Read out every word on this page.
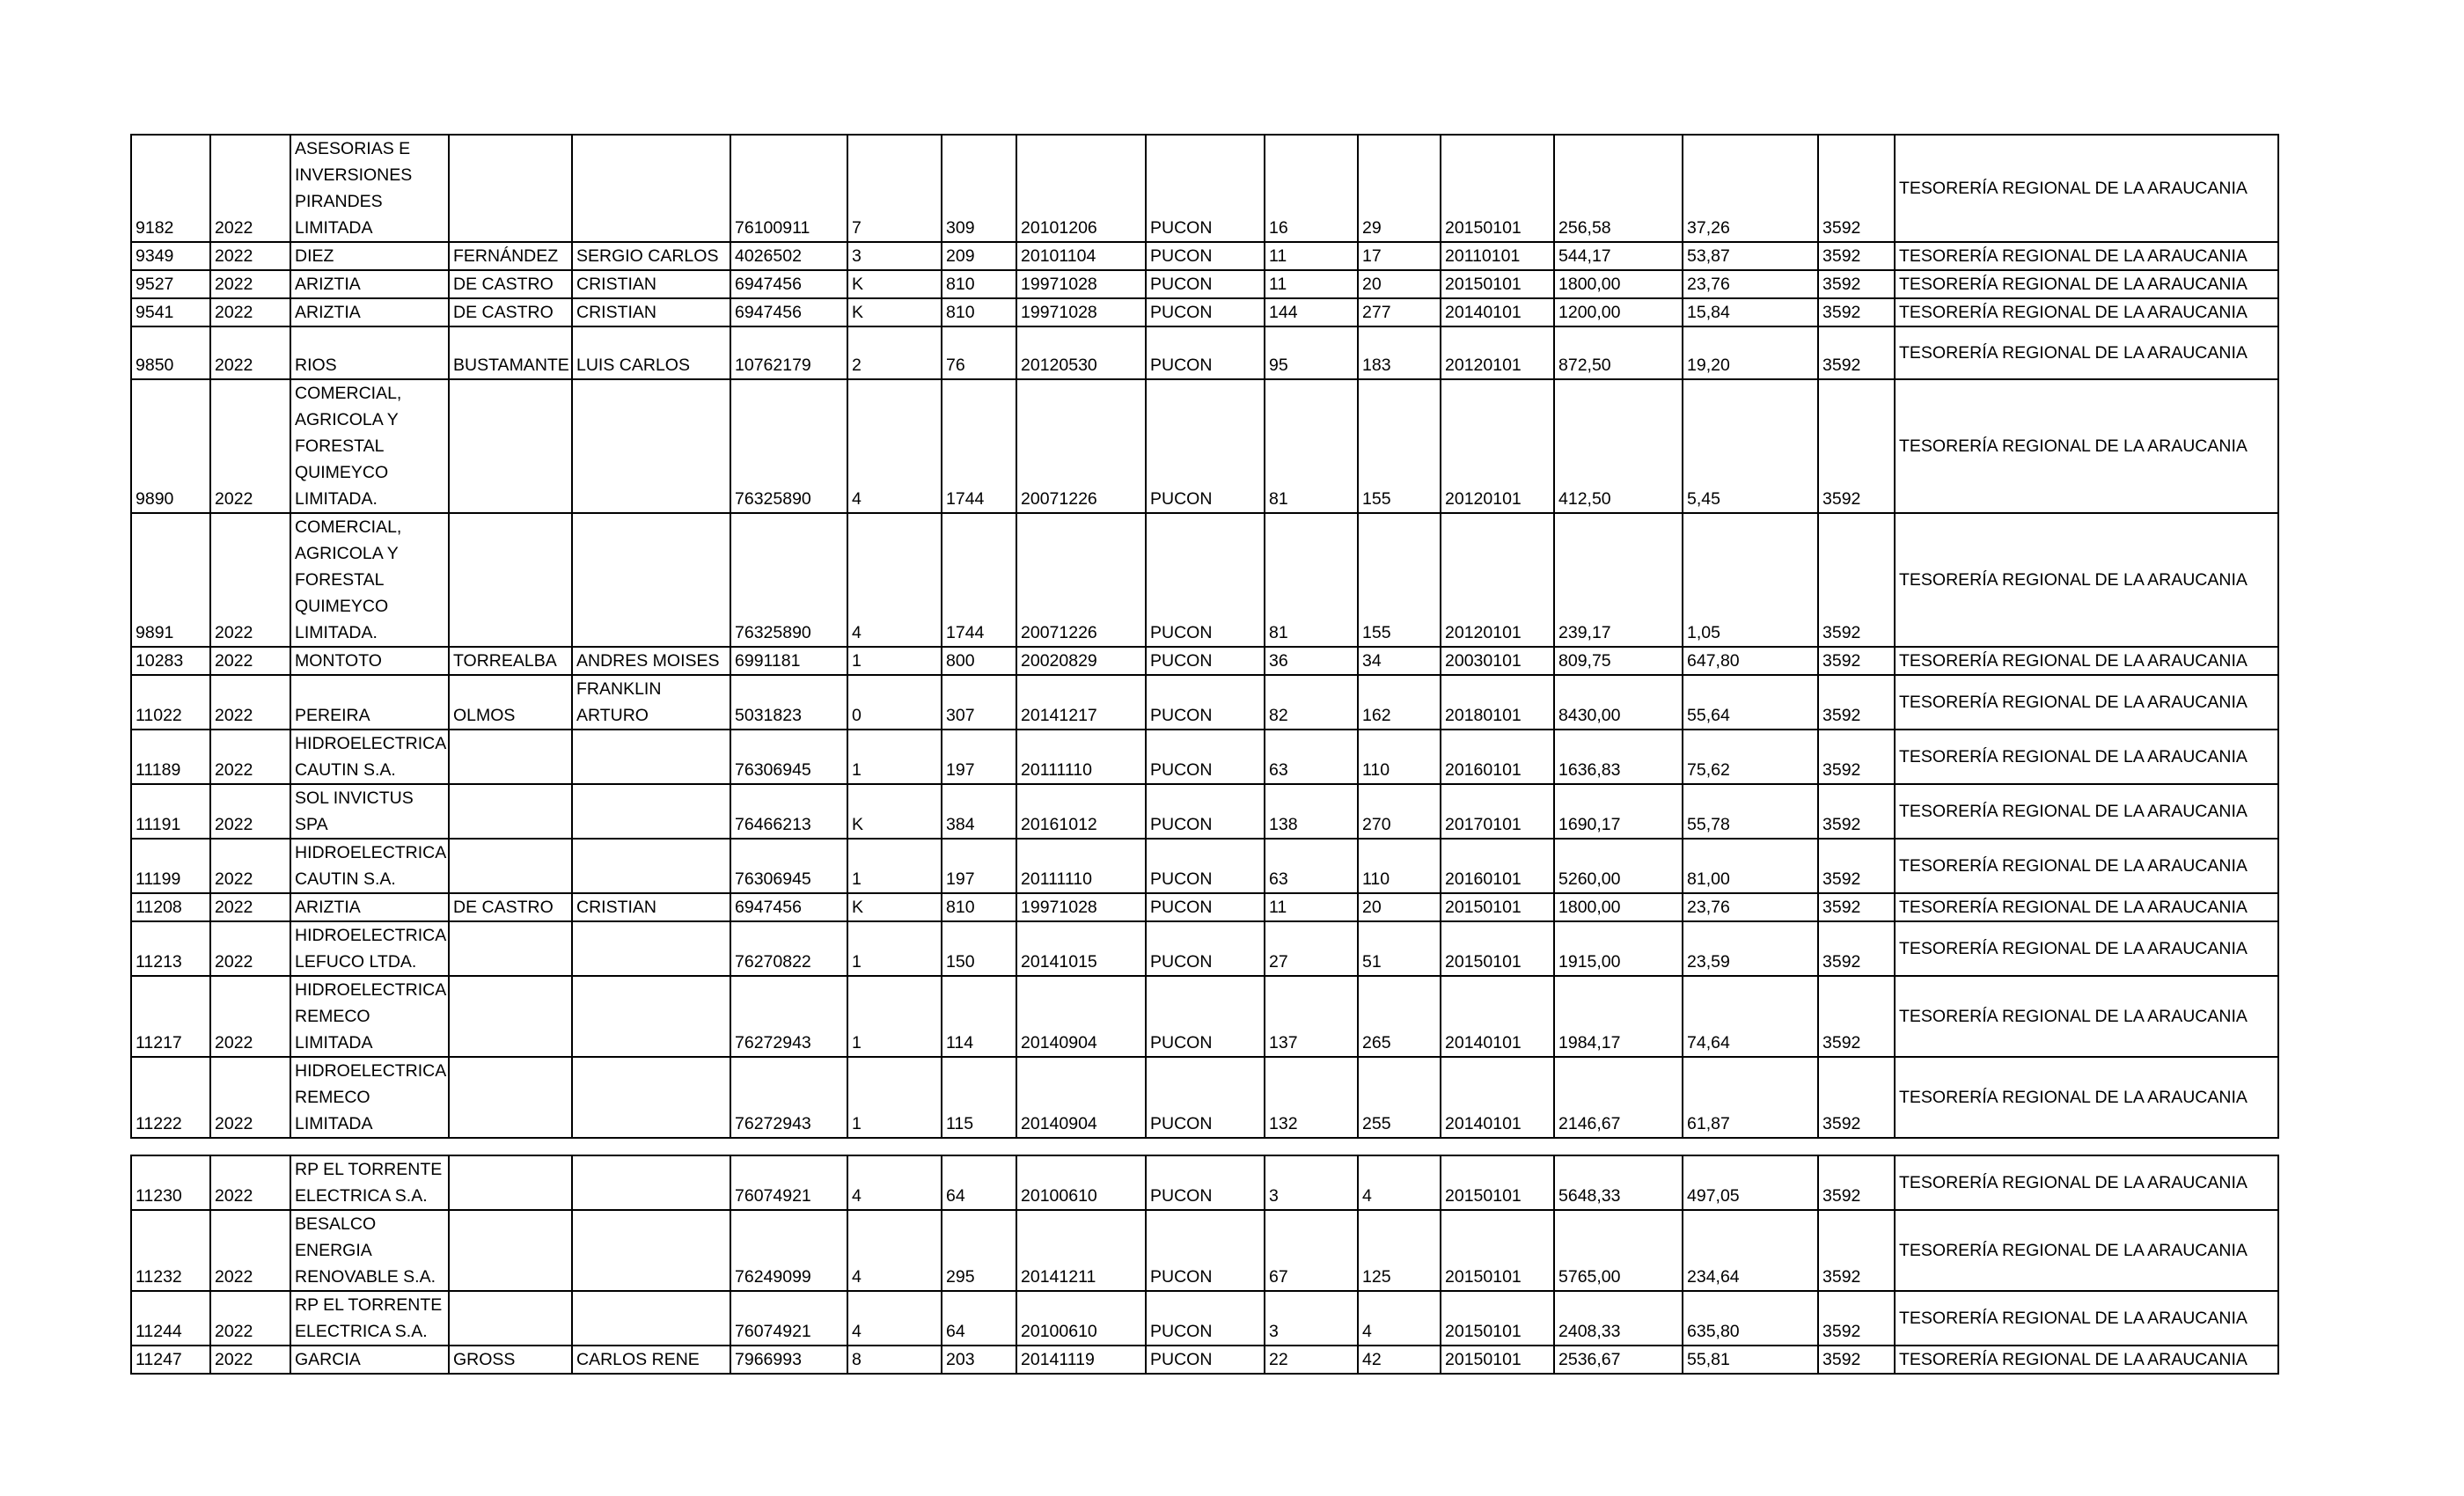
9182	2022	ASESORIAS E
INVERSIONES
PIRANDES
LIMITADA			76100911	7	309	20101206	PUCON	16	29	20150101	256,58	37,26	3592	TESORERÍA REGIONAL DE LA ARAUCANIA
9349	2022	DIEZ	FERNÁNDEZ	SERGIO CARLOS	4026502	3	209	20101104	PUCON	11	17	20110101	544,17	53,87	3592	TESORERÍA REGIONAL DE LA ARAUCANIA
9527	2022	ARIZTIA	DE CASTRO	CRISTIAN	6947456	K	810	19971028	PUCON	11	20	20150101	1800,00	23,76	3592	TESORERÍA REGIONAL DE LA ARAUCANIA
9541	2022	ARIZTIA	DE CASTRO	CRISTIAN	6947456	K	810	19971028	PUCON	144	277	20140101	1200,00	15,84	3592	TESORERÍA REGIONAL DE LA ARAUCANIA
9850	2022	RIOS	BUSTAMANTE	LUIS CARLOS	10762179	2	76	20120530	PUCON	95	183	20120101	872,50	19,20	3592	TESORERÍA REGIONAL DE LA ARAUCANIA
9890	2022	COMERCIAL,
AGRICOLA Y
FORESTAL
QUIMEYCO
LIMITADA.			76325890	4	1744	20071226	PUCON	81	155	20120101	412,50	5,45	3592	TESORERÍA REGIONAL DE LA ARAUCANIA
9891	2022	COMERCIAL,
AGRICOLA Y
FORESTAL
QUIMEYCO
LIMITADA.			76325890	4	1744	20071226	PUCON	81	155	20120101	239,17	1,05	3592	TESORERÍA REGIONAL DE LA ARAUCANIA
10283	2022	MONTOTO	TORREALBA	ANDRES MOISES	6991181	1	800	20020829	PUCON	36	34	20030101	809,75	647,80	3592	TESORERÍA REGIONAL DE LA ARAUCANIA
11022	2022	PEREIRA	OLMOS	FRANKLIN
ARTURO	5031823	0	307	20141217	PUCON	82	162	20180101	8430,00	55,64	3592	TESORERÍA REGIONAL DE LA ARAUCANIA
11189	2022	HIDROELECTRICA
CAUTIN S.A.			76306945	1	197	20111110	PUCON	63	110	20160101	1636,83	75,62	3592	TESORERÍA REGIONAL DE LA ARAUCANIA
11191	2022	SOL INVICTUS SPA			76466213	K	384	20161012	PUCON	138	270	20170101	1690,17	55,78	3592	TESORERÍA REGIONAL DE LA ARAUCANIA
11199	2022	HIDROELECTRICA
CAUTIN S.A.			76306945	1	197	20111110	PUCON	63	110	20160101	5260,00	81,00	3592	TESORERÍA REGIONAL DE LA ARAUCANIA
11208	2022	ARIZTIA	DE CASTRO	CRISTIAN	6947456	K	810	19971028	PUCON	11	20	20150101	1800,00	23,76	3592	TESORERÍA REGIONAL DE LA ARAUCANIA
11213	2022	HIDROELECTRICA
LEFUCO LTDA.			76270822	1	150	20141015	PUCON	27	51	20150101	1915,00	23,59	3592	TESORERÍA REGIONAL DE LA ARAUCANIA
11217	2022	HIDROELECTRICA
REMECO
LIMITADA			76272943	1	114	20140904	PUCON	137	265	20140101	1984,17	74,64	3592	TESORERÍA REGIONAL DE LA ARAUCANIA
11222	2022	HIDROELECTRICA
REMECO
LIMITADA			76272943	1	115	20140904	PUCON	132	255	20140101	2146,67	61,87	3592	TESORERÍA REGIONAL DE LA ARAUCANIA
11230	2022	RP EL TORRENTE
ELECTRICA S.A.			76074921	4	64	20100610	PUCON	3	4	20150101	5648,33	497,05	3592	TESORERÍA REGIONAL DE LA ARAUCANIA
11232	2022	BESALCO ENERGIA
RENOVABLE S.A.			76249099	4	295	20141211	PUCON	67	125	20150101	5765,00	234,64	3592	TESORERÍA REGIONAL DE LA ARAUCANIA
11244	2022	RP EL TORRENTE
ELECTRICA S.A.			76074921	4	64	20100610	PUCON	3	4	20150101	2408,33	635,80	3592	TESORERÍA REGIONAL DE LA ARAUCANIA
11247	2022	GARCIA	GROSS	CARLOS RENE	7966993	8	203	20141119	PUCON	22	42	20150101	2536,67	55,81	3592	TESORERÍA REGIONAL DE LA ARAUCANIA
